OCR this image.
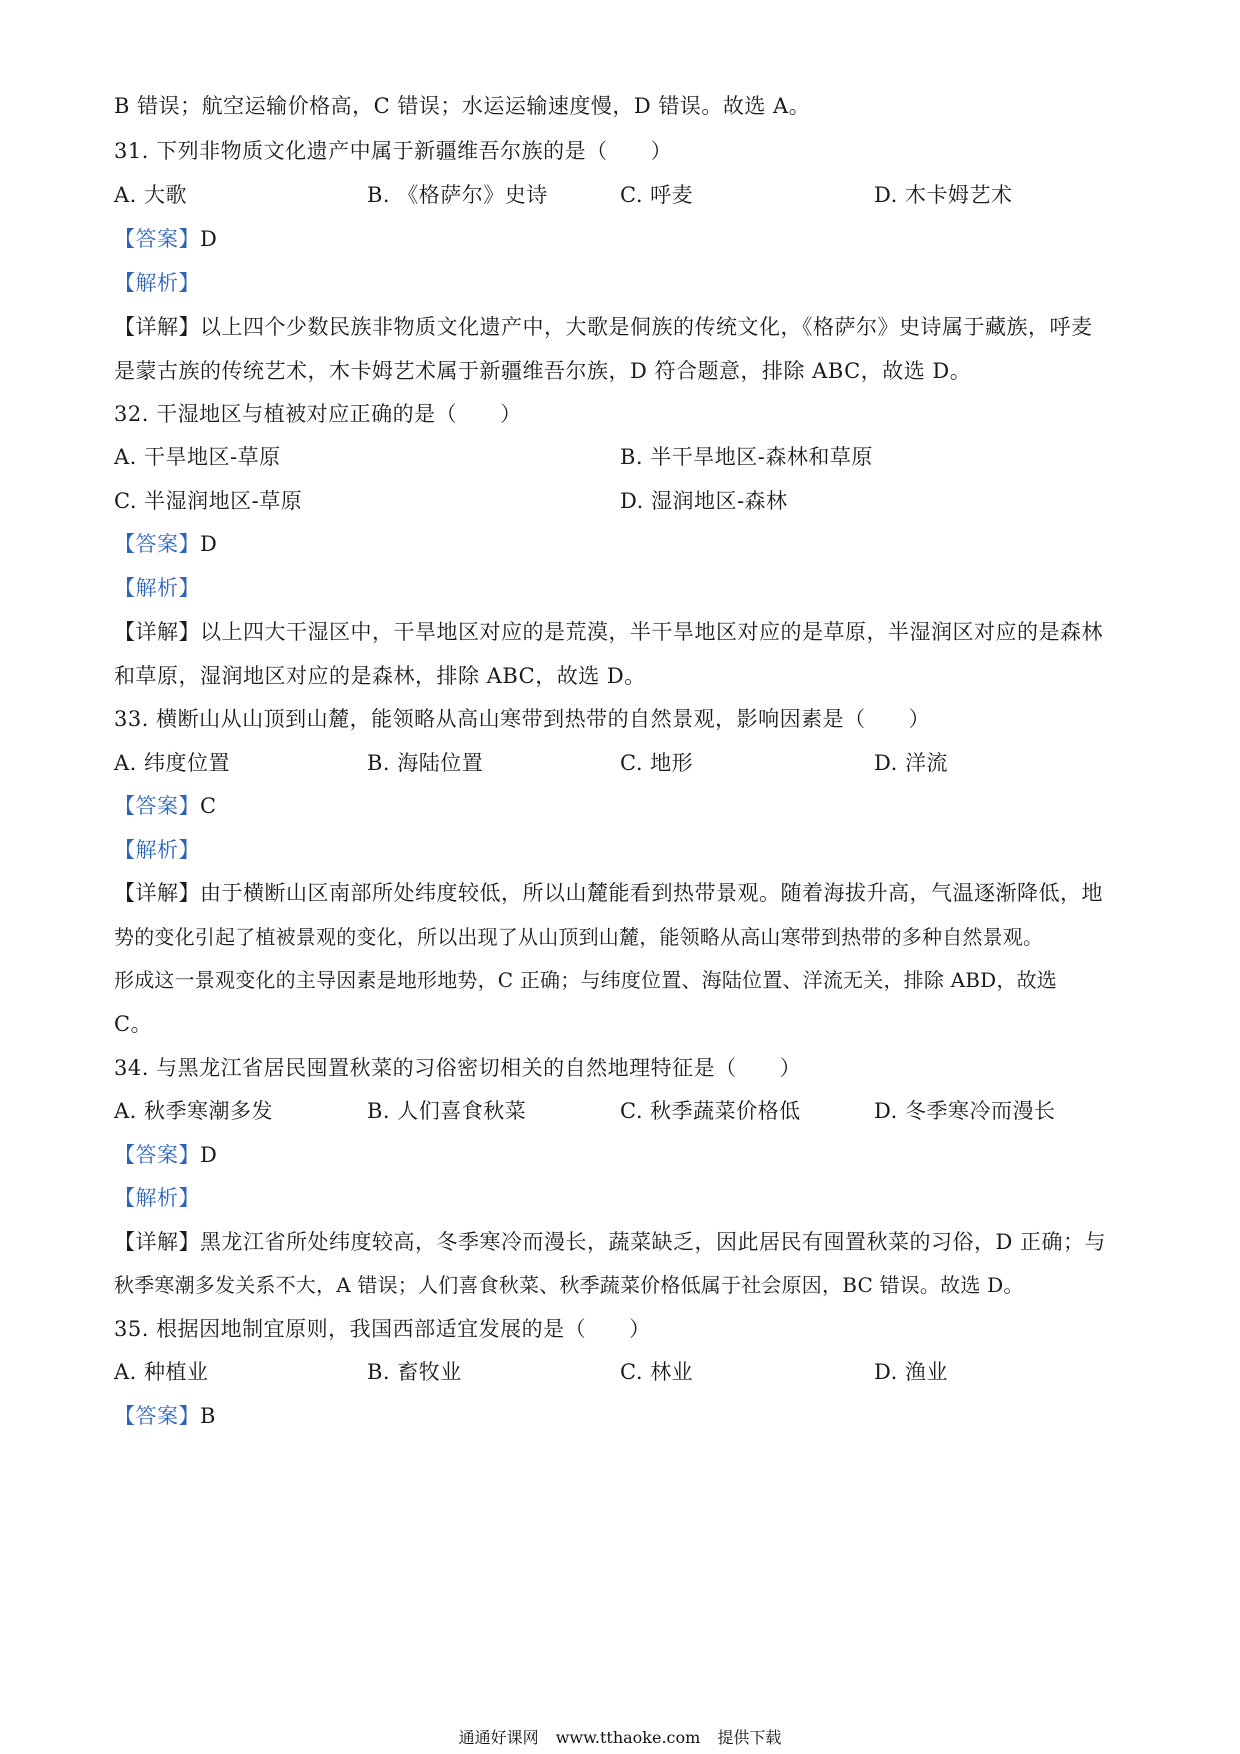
B 错误；航空运输价格高，C 错误；水运运输速度慢，D 错误。故选 A。
31. 下列非物质文化遗产中属于新疆维吾尔族的是（　　）
A. 大歌	B. 《格萨尔》史诗	C. 呼麦	D. 木卡姆艺术
【答案】D
【解析】
【详解】以上四个少数民族非物质文化遗产中，大歌是侗族的传统文化，《格萨尔》史诗属于藏族，呼麦
是蒙古族的传统艺术，木卡姆艺术属于新疆维吾尔族，D 符合题意，排除 ABC，故选 D。
32. 干湿地区与植被对应正确的是（　　）
A. 干旱地区-草原	B. 半干旱地区-森林和草原
C. 半湿润地区-草原	D. 湿润地区-森林
【答案】D
【解析】
【详解】以上四大干湿区中，干旱地区对应的是荒漠，半干旱地区对应的是草原，半湿润区对应的是森林
和草原，湿润地区对应的是森林，排除 ABC，故选 D。
33. 横断山从山顶到山麓，能领略从高山寒带到热带的自然景观，影响因素是（　　）
A. 纬度位置	B. 海陆位置	C. 地形	D. 洋流
【答案】C
【解析】
【详解】由于横断山区南部所处纬度较低，所以山麓能看到热带景观。随着海拔升高，气温逐渐降低，地
势的变化引起了植被景观的变化，所以出现了从山顶到山麓，能领略从高山寒带到热带的多种自然景观。
形成这一景观变化的主导因素是地形地势，C 正确；与纬度位置、海陆位置、洋流无关，排除 ABD，故选
C。
34. 与黑龙江省居民囤置秋菜的习俗密切相关的自然地理特征是（　　）
A. 秋季寒潮多发	B. 人们喜食秋菜	C. 秋季蔬菜价格低	D. 冬季寒冷而漫长
【答案】D
【解析】
【详解】黑龙江省所处纬度较高，冬季寒冷而漫长，蔬菜缺乏，因此居民有囤置秋菜的习俗，D 正确；与
秋季寒潮多发关系不大，A 错误；人们喜食秋菜、秋季蔬菜价格低属于社会原因，BC 错误。故选 D。
35. 根据因地制宜原则，我国西部适宜发展的是（　　）
A. 种植业	B. 畜牧业	C. 林业	D. 渔业
【答案】B
通通好课网 www.tthaoke.com 提供下载
